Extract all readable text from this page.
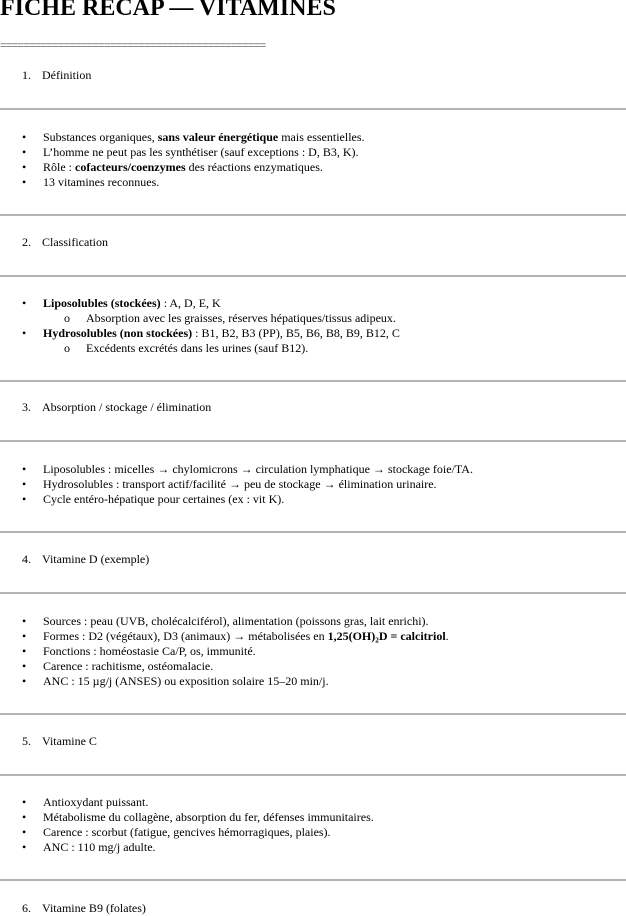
FICHE RECAP — VITAMINES
==============================================
1. Définition
• Substances organiques, sans valeur énergétique mais essentielles.
• L’homme ne peut pas les synthétiser (sauf exceptions : D, B3, K).
• Rôle : cofacteurs/coenzymes des réactions enzymatiques.
• 13 vitamines reconnues.
2. Classification
• Liposolubles (stockées) : A, D, E, K
o Absorption avec les graisses, réserves hépatiques/tissus adipeux.
• Hydrosolubles (non stockées) : B1, B2, B3 (PP), B5, B6, B8, B9, B12, C
o Excédents excrétés dans les urines (sauf B12).
3. Absorption / stockage / élimination
• Liposolubles : micelles → chylomicrons → circulation lymphatique → stockage foie/TA.
• Hydrosolubles : transport actif/facilité → peu de stockage → élimination urinaire.
• Cycle entéro-hépatique pour certaines (ex : vit K).
4. Vitamine D (exemple)
• Sources : peau (UVB, cholécalciférol), alimentation (poissons gras, lait enrichi).
• Formes : D2 (végétaux), D3 (animaux) → métabolisées en 1,25(OH)₂D = calcitriol.
• Fonctions : homéostasie Ca/P, os, immunité.
• Carence : rachitisme, ostéomalacie.
• ANC : 15 µg/j (ANSES) ou exposition solaire 15–20 min/j.
5. Vitamine C
• Antioxydant puissant.
• Métabolisme du collagène, absorption du fer, défenses immunitaires.
• Carence : scorbut (fatigue, gencives hémorragiques, plaies).
• ANC : 110 mg/j adulte.
6. Vitamine B9 (folates)
